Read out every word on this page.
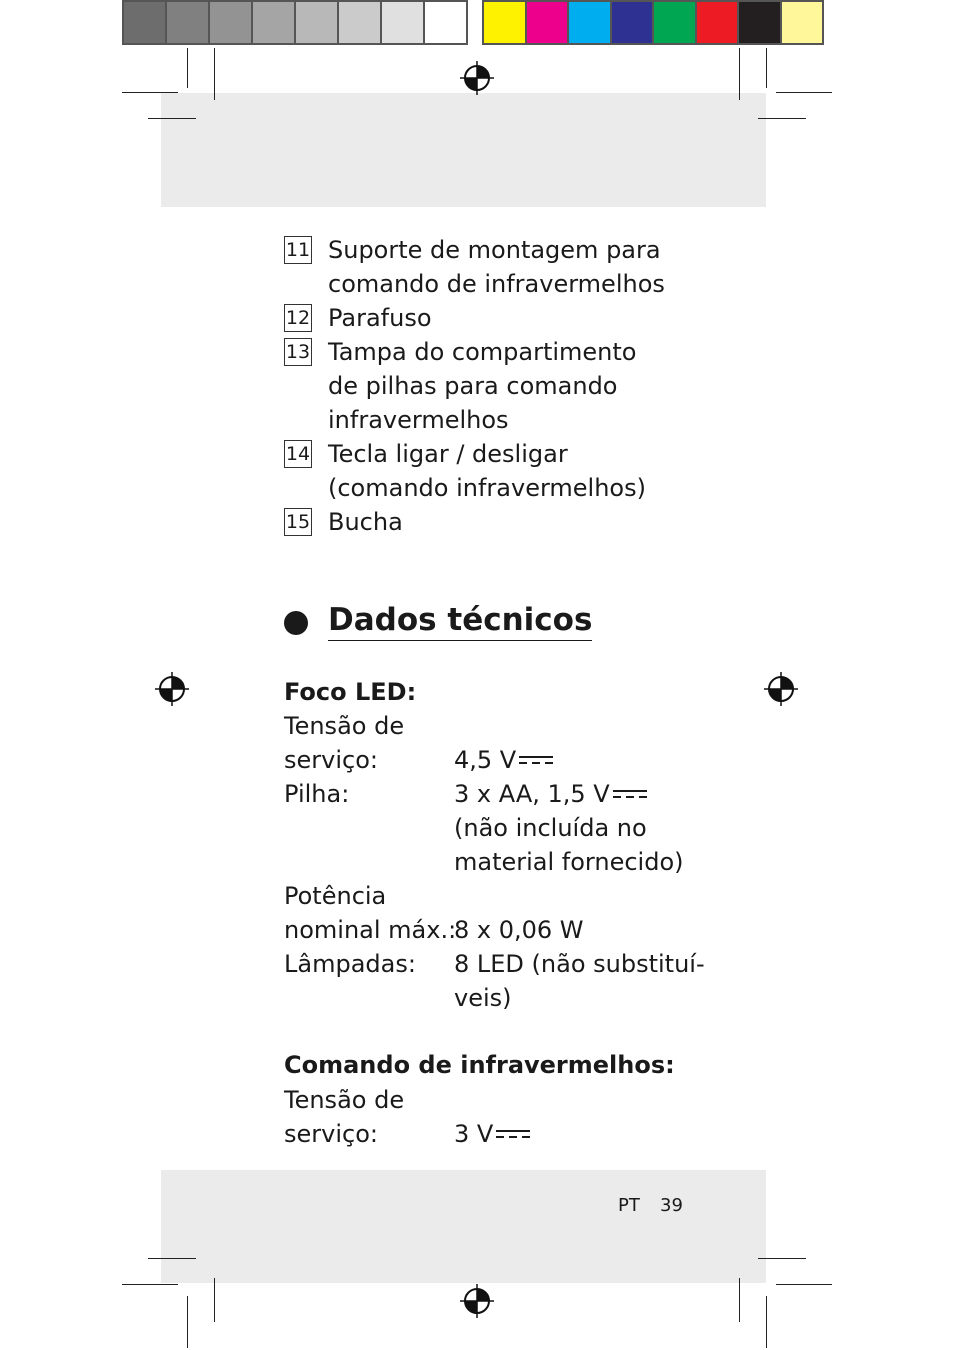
11 Suporte de montagem para
comando de infravermelhos
12 Parafuso
13 Tampa do compartimento
de pilhas para comando
infravermelhos
14 Tecla ligar / desligar
(comando infravermelhos)
15 Bucha
Dados técnicos
Foco LED:
Tensão de
serviço:	4,5 V
Pilha:	3 x AA, 1,5 V
(não incluída no
material fornecido)
Potência
nominal máx.:
8 x 0,06 W
Lâmpadas: 8 LED (não substituí-
veis)
Comando de infravermelhos:
Tensão de
serviço:	3 V
PT 39
